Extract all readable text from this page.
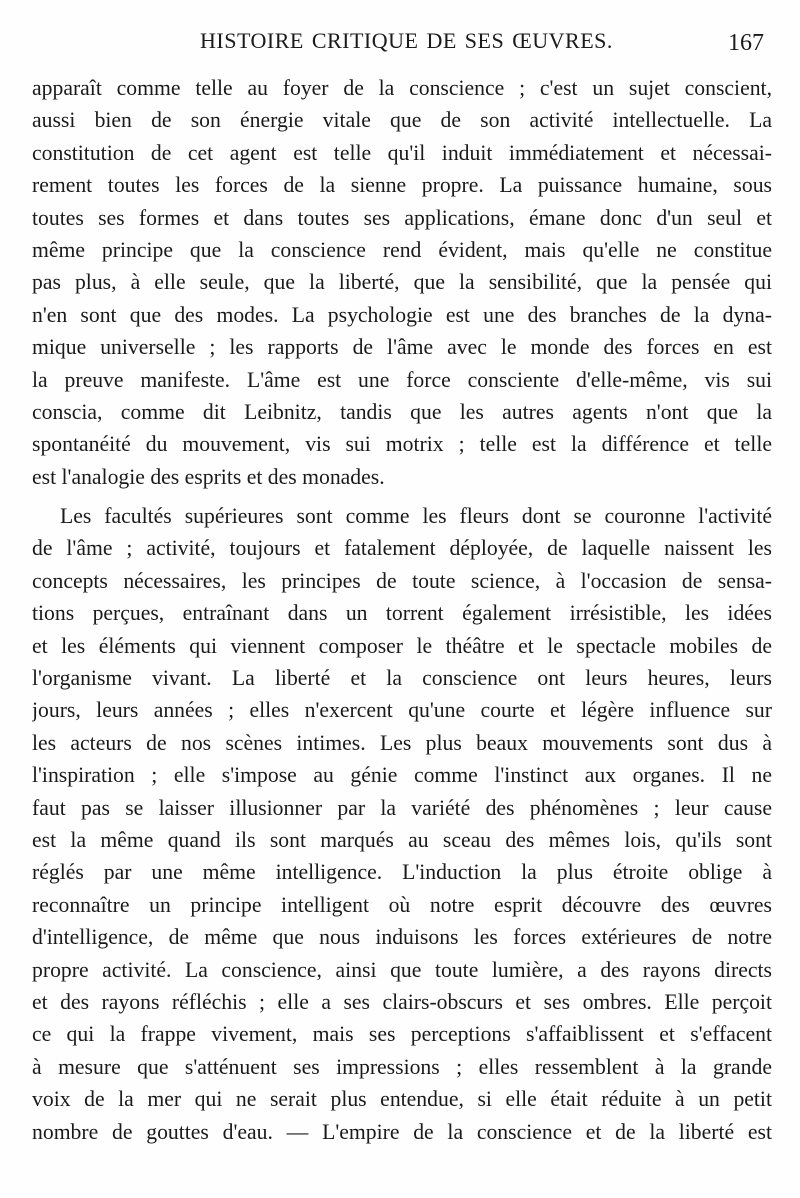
HISTOIRE CRITIQUE DE SES ŒUVRES.	167
apparaît comme telle au foyer de la conscience ; c'est un sujet conscient,
aussi bien de son énergie vitale que de son activité intellectuelle. La
constitution de cet agent est telle qu'il induit immédiatement et nécessai-
rement toutes les forces de la sienne propre. La puissance humaine, sous
toutes ses formes et dans toutes ses applications, émane donc d'un seul et
même principe que la conscience rend évident, mais qu'elle ne constitue
pas plus, à elle seule, que la liberté, que la sensibilité, que la pensée qui
n'en sont que des modes. La psychologie est une des branches de la dyna-
mique universelle ; les rapports de l'âme avec le monde des forces en est
la preuve manifeste. L'âme est une force consciente d'elle-même, vis sui
conscia, comme dit Leibnitz, tandis que les autres agents n'ont que la
spontanéité du mouvement, vis sui motrix ; telle est la différence et telle
est l'analogie des esprits et des monades.
Les facultés supérieures sont comme les fleurs dont se couronne l'activité
de l'âme ; activité, toujours et fatalement déployée, de laquelle naissent les
concepts nécessaires, les principes de toute science, à l'occasion de sensa-
tions perçues, entraînant dans un torrent également irrésistible, les idées
et les éléments qui viennent composer le théâtre et le spectacle mobiles de
l'organisme vivant. La liberté et la conscience ont leurs heures, leurs
jours, leurs années ; elles n'exercent qu'une courte et légère influence sur
les acteurs de nos scènes intimes. Les plus beaux mouvements sont dus à
l'inspiration ; elle s'impose au génie comme l'instinct aux organes. Il ne
faut pas se laisser illusionner par la variété des phénomènes ; leur cause
est la même quand ils sont marqués au sceau des mêmes lois, qu'ils sont
réglés par une même intelligence. L'induction la plus étroite oblige à
reconnaître un principe intelligent où notre esprit découvre des œuvres
d'intelligence, de même que nous induisons les forces extérieures de notre
propre activité. La conscience, ainsi que toute lumière, a des rayons directs
et des rayons réfléchis ; elle a ses clairs-obscurs et ses ombres. Elle perçoit
ce qui la frappe vivement, mais ses perceptions s'affaiblissent et s'effacent
à mesure que s'atténuent ses impressions ; elles ressemblent à la grande
voix de la mer qui ne serait plus entendue, si elle était réduite à un petit
nombre de gouttes d'eau. — L'empire de la conscience et de la liberté est
